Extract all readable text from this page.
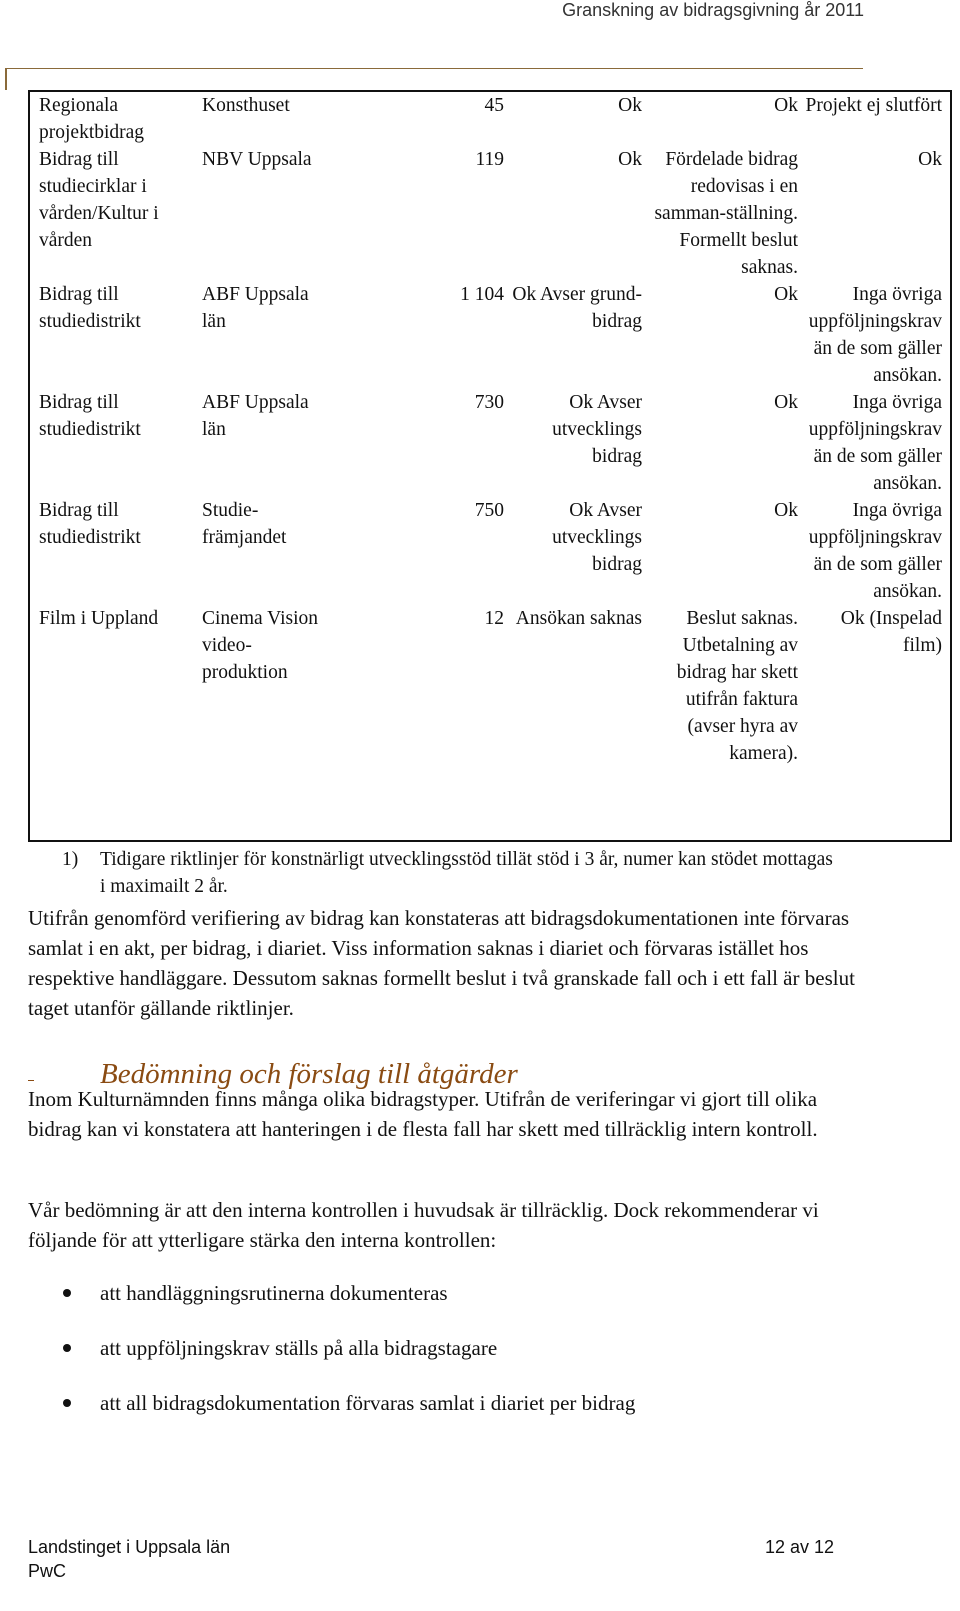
Granskning av bidragsgivning år 2011
Regionala projektbidrag	Konsthuset	45	Ok	Ok	Projekt ej slutfört
Bidrag till studiecirklar i vården/Kultur i vården	NBV Uppsala	119	Ok	Fördelade bidrag redovisas i en samman-ställning. Formellt beslut saknas.	Ok
Bidrag till studiedistrikt	ABF Uppsala län	1 104	Ok Avser grund-bidrag	Ok	Inga övriga uppföljningskrav än de som gäller ansökan.
Bidrag till studiedistrikt	ABF Uppsala län	730	Ok Avser utvecklings bidrag	Ok	Inga övriga uppföljningskrav än de som gäller ansökan.
Bidrag till studiedistrikt	Studie-främjandet	750	Ok Avser utvecklings bidrag	Ok	Inga övriga uppföljningskrav än de som gäller ansökan.
Film i Uppland	Cinema Vision video-produktion	12	Ansökan saknas	Beslut saknas. Utbetalning av bidrag har skett utifrån faktura (avser hyra av kamera).	Ok (Inspelad film)
1) Tidigare riktlinjer för konstnärligt utvecklingsstöd tillät stöd i 3 år, numer kan stödet mottagas i maximailt 2 år.

Utifrån genomförd verifiering av bidrag kan konstateras att bidragsdokumentationen inte förvaras samlat i en akt, per bidrag, i diariet. Viss information saknas i diariet och förvaras istället hos respektive handläggare. Dessutom saknas formellt beslut i två granskade fall och i ett fall är beslut taget utanför gällande riktlinjer.

Bedömning och förslag till åtgärder

Inom Kulturnämnden finns många olika bidragstyper. Utifrån de veriferingar vi gjort till olika bidrag kan vi konstatera att hanteringen i de flesta fall har skett med tillräcklig intern kontroll.

Vår bedömning är att den interna kontrollen i huvudsak är tillräcklig. Dock rekommenderar vi följande för att ytterligare stärka den interna kontrollen:

att handläggningsrutinerna dokumenteras
att uppföljningskrav ställs på alla bidragstagare
att all bidragsdokumentation förvaras samlat i diariet per bidrag
Landstinget i Uppsala län
PwC
12 av 12
